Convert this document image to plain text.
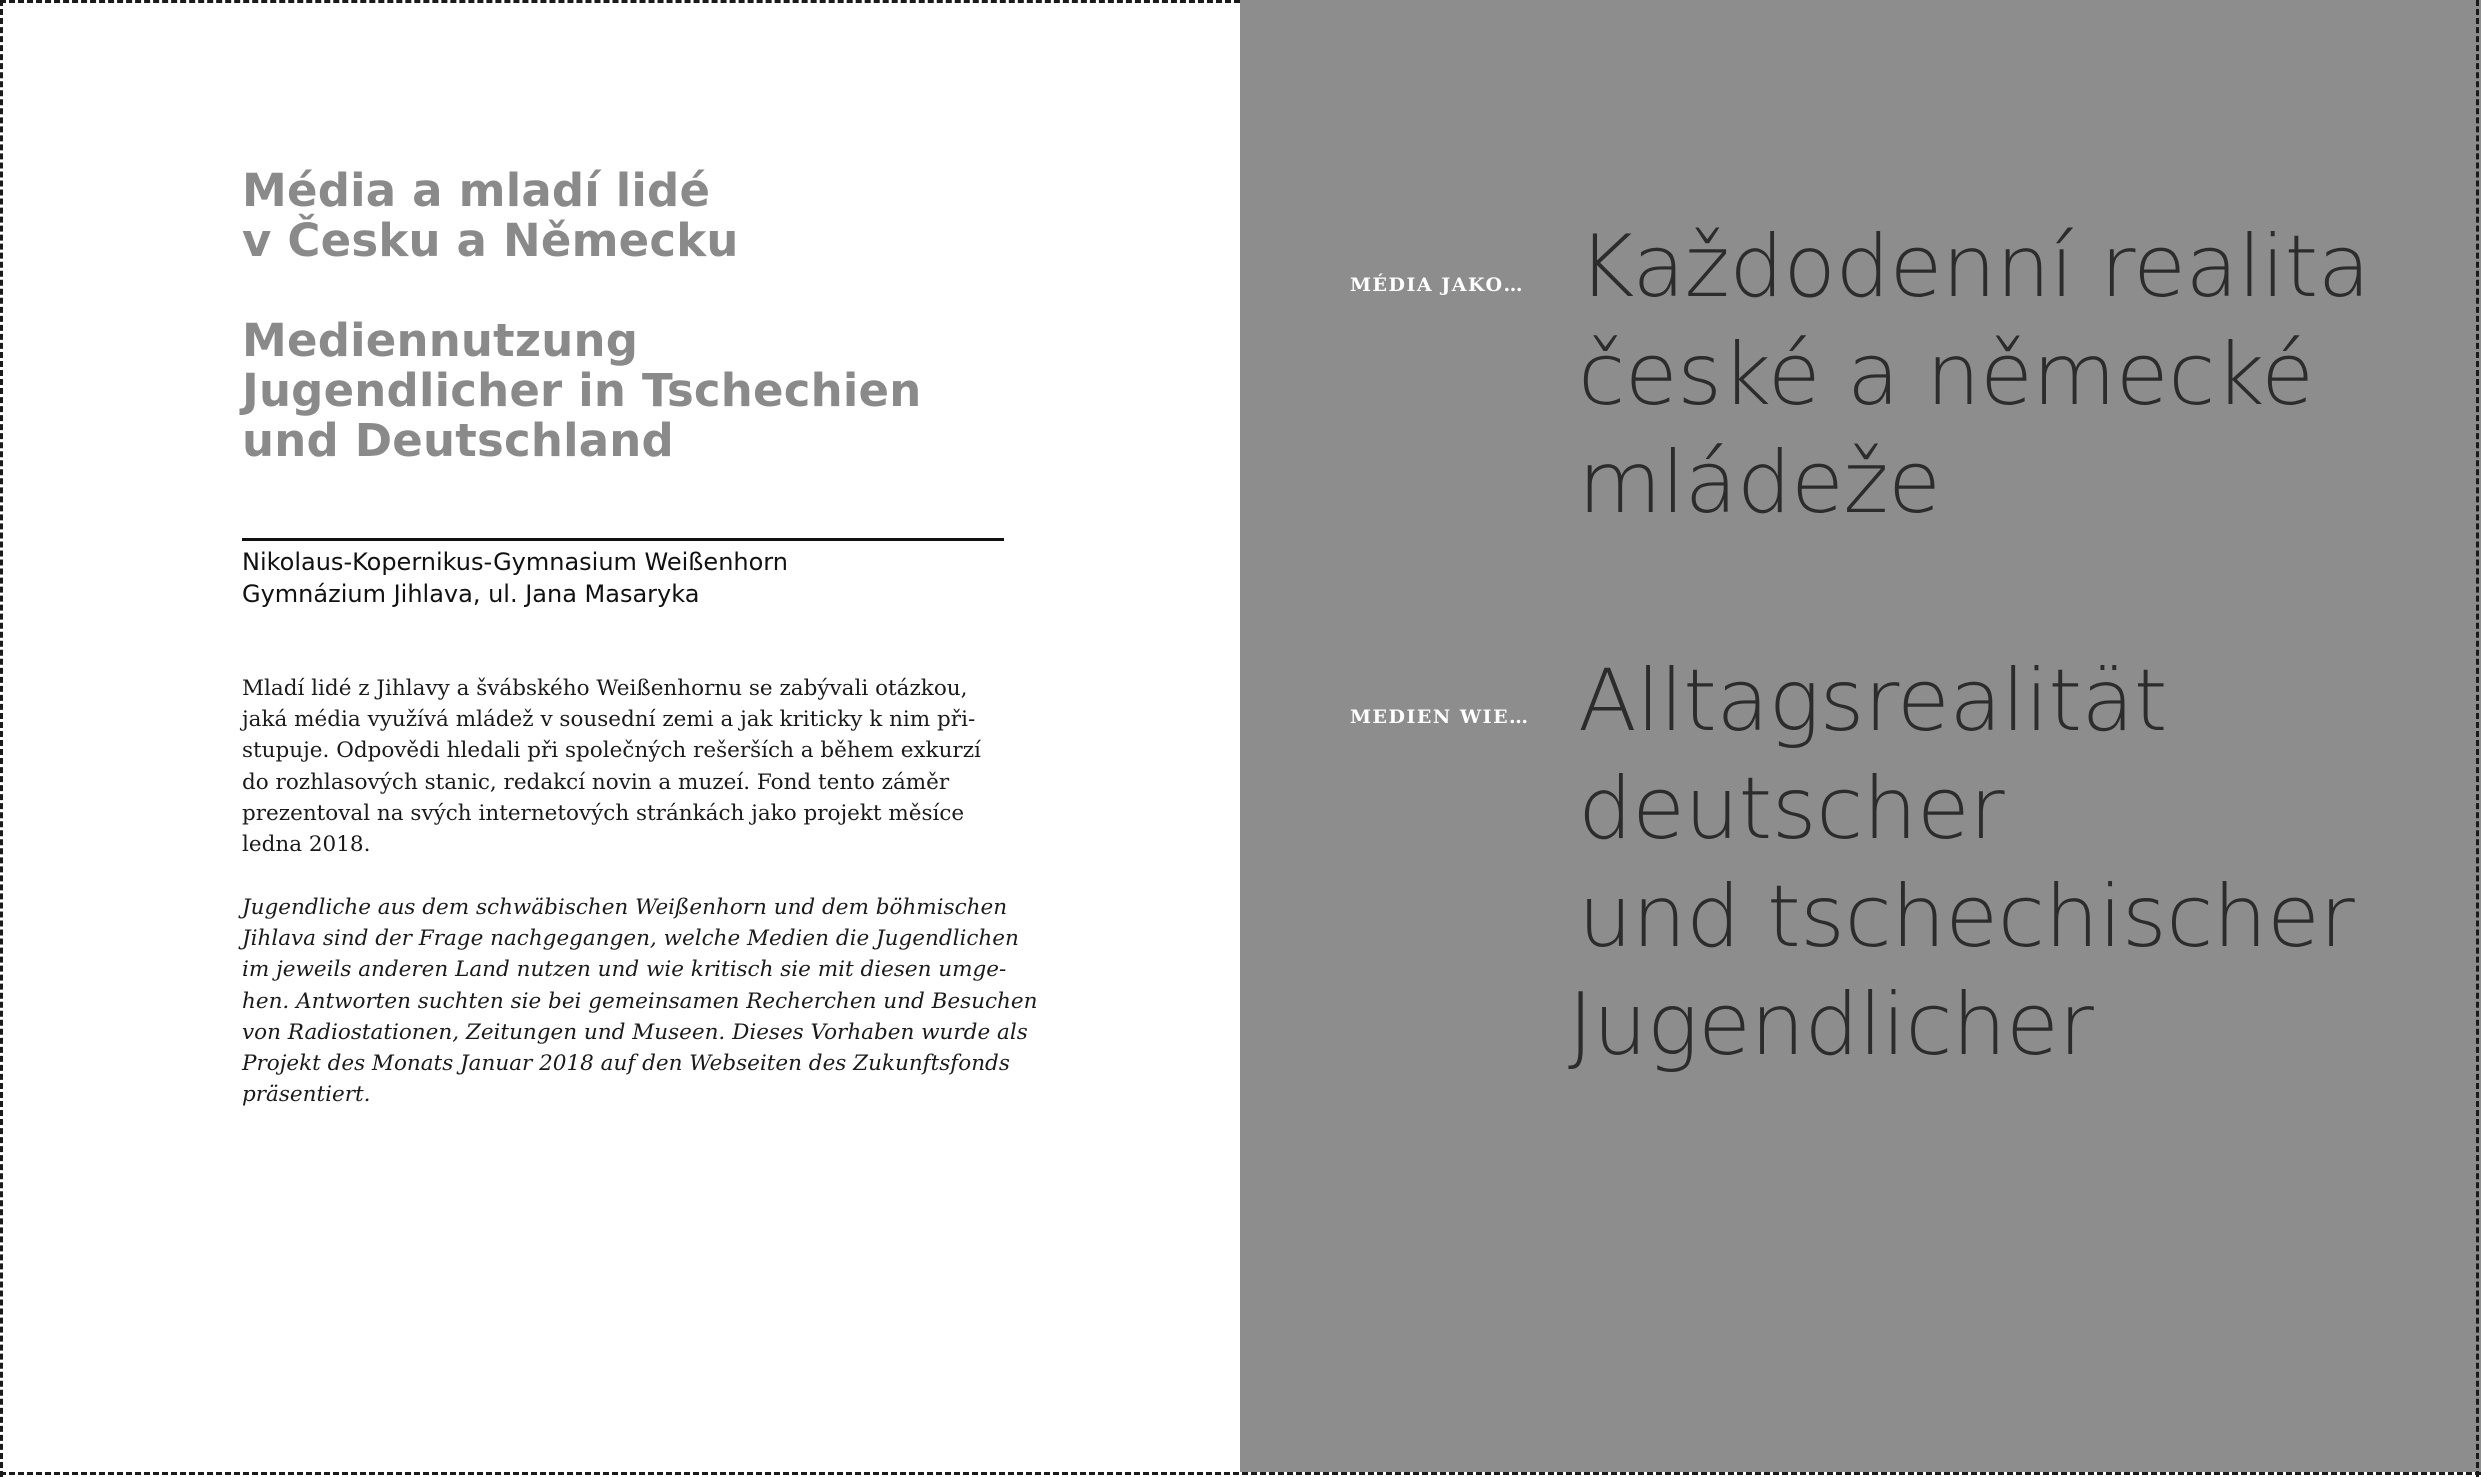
Média a mladí lidé
v Česku a Německu
Mediennutzung
Jugendlicher in Tschechien
und Deutschland
Nikolaus-Kopernikus-Gymnasium Weißenhorn
Gymnázium Jihlava, ul. Jana Masaryka
Mladí lidé z Jihlavy a švábského Weißenhornu se zabývali otázkou,
jaká média využívá mládež v sousední zemi a jak kriticky k nim při-
stupuje. Odpovědi hledali při společných rešerších a během exkurzí
do rozhlasových stanic, redakcí novin a muzeí. Fond tento záměr
prezentoval na svých internetových stránkách jako projekt měsíce
ledna 2018.
Jugendliche aus dem schwäbischen Weißenhorn und dem böhmischen
Jihlava sind der Frage nachgegangen, welche Medien die Jugendlichen
im jeweils anderen Land nutzen und wie kritisch sie mit diesen umge-
hen. Antworten suchten sie bei gemeinsamen Recherchen und Besuchen
von Radiostationen, Zeitungen und Museen. Dieses Vorhaben wurde als
Projekt des Monats Januar 2018 auf den Webseiten des Zukunftsfonds
präsentiert.
MÉDIA JAKO… Každodenní realita
české a německé
mládeže
MEDIEN WIE… Alltagsrealität
deutscher
und tschechischer
Jugendlicher
